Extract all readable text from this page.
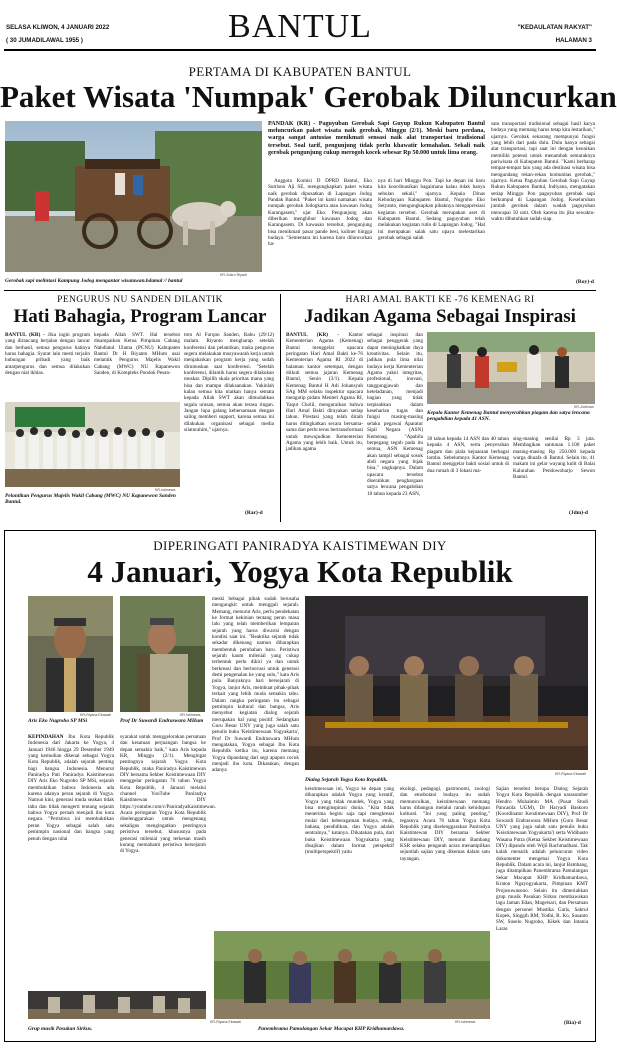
SELASA KLIWON, 4 JANUARI 2022
( 30 JUMADILAWAL 1955 )	BANTUL	"KEDAULATAN RAKYAT"
HALAMAN 3
PERTAMA DI KABUPATEN BANTUL
Paket Wisata 'Numpak' Gerobak Diluncurkan
KR-Sukro Riyadi
Gerobak sapi melintasi Kampung Jodog mengantar wisatawan.bdamal // bantul

PANDAK (KR) - Paguyuban Gerobak Sapi Guyup Rukun Kabupaten Bantul meluncurkan paket wisata naik gerobak, Minggu (2/1). Meski baru perdana, warga sangat antusias menikmati sensasi naik alat transportasi tradisional tersebut. Soal tarif, pengunjung tidak perlu khawatir kemahalan. Sekali naik gerobak pengunjung cukup merogoh kocek sebesar Rp 50.000 untuk lima orang.

Anggota Komisi D DPRD Bantul, Eko Sutrisno Aji SE, mengungkapkan paket wisata naik gerobak dipusatkan di Lapangan Jodog Pandak Bantul. "Paket ini kami namakan wisata numpak gerobak Jodogkarta atau kawasan Jodog Karangasem," ujar Eko. Pengunjung akan diberikan menghibur kawasan Jodog dan Karangasem. Di kawasan tersebut, pengunjung bisa menikmati pasar pande besi, kuliner hingga budaya. "Sementara ini karena baru diluncurkan ha-

nya di hari Minggu Pon. Tapi ke depan ini baru kita koordinasikan bagaimana kalau tidak hanya sebulan sekali," ujarnya. Kepala Dinas Kebudayaan Kabupaten Bantul, Nugroho Eko Setyanto, mengungkapkan pihaknya mengapresiasi kegiatan tersebut. Gerobak merupakan aset di Kabupaten Bantul. Sedang paguyuban telah melakukan kegiatan rutin di Lapangan Jodog. "Hal ini merupakan salah satu upaya melestarikan gerobak sebagai salah

satu transportasi tradisional sebagai hasil karya budaya yang memang harus tetap kita lestarikan," ujarnya. Gerobak sekarang mempunyai fungsi yang lebih dari pada dulu. Dulu hanya sebagai alat transportasi, tapi saat ini dengan keunikan memiliki potensi untuk menambah semaraknya pariwisata di Kabupaten Bantul. "Kami berharap tempat-tempat lain yang ada destinasi wisata bisa mengundang rekan-rekan komunitas gerobak," ujarnya. Ketua Paguyuban Gerobak Sapi Guyup Rukun Kabupaten Bantul, Indiyana, mengatakan setiap Minggu Pon paguyuban gerobak sapi berkumpul di Lapangan Jodog. Keseluruhan jumlah gerobak dalam wadah paguyuban mencapai 50 unit. Oleh karena itu jika sewaktu-waktu dibutuhkan sudah siap.

(Roy)-d
PENGURUS NU SANDEN DILANTIK
Hati Bahagia, Program Lancar

BANTUL (KR) - Jika ingin program yang dirancang berjalan dengan lancar dan berhasil, semua pengurus hatinya harus bahagia. Syarat lain mesti terjalin hubungan pribadi yang baik antarpengurus dan semua dilakukan dengan niat ikhlas.

kepada Allah SWT. Hal tersebut disampaikan Ketua Pimpinan Cabang Nahdlatul Ulama (PCNU) Kabupaten Bantul Dr H Riyanto MHum usai melantik Pengurus Majelis Wakil Cabang (MWC) NU Kapanewon Sanden, di Kompleks Pondok Pesan-

tren Al Furqon Sanden, Rabu (29/12) malam. Riyanto mengharap setelah konferensi dan pelantikan, maka pengurus segera melakukan musyawarah kerja untuk menjabarkan program kerja yang sudah dirumuskan saat konferensi. "Setelah konferensi, dilantik harus segera dilakukan muskar. Dipilih skala prioritas mana yang bisa dan mampu dilaksanakan. Yakinlah kalau semua kita niatkan hanya semata kepada Allah SWT akan dimudahkan segala urusan, semua akan terasa ringan. Jangan lupa galang kebersamaan dengan saling memberi support, karena semua ini dilakukan organisasi sebagai media silaturahim," ujarnya.

(Rar)-d
KR-Istimewa
Pelantikan Pengurus Majelis Wakil Cabang (MWC) NU Kapanewon Sanden Bantul.
HARI AMAL BAKTI KE -76 KEMENAG RI
Jadikan Agama Sebagai Inspirasi

BANTUL (KR) - Kantor Kementerian Agama (Kemenag) Bantul menggelar upacara peringatan Hari Amal Bakti ke-76 Kementerian Agama RI 2022 di halaman kantor setempat, dengan diikuti semua jajaran Kemenag Bantul, Senin (3/1). Kepala Kemenag Bantul H Adi Johansyah SAg MM selaku inspektur upacara mengutip pidato Menteri Agama RI, Yaqut Cholil, menguraikan bahwa Hari Amal Bakti dirayakan setiap tahun. Prestasi yang telah diraih harus ditingkatkan secara bersama-sama dan perlu terus bertransformasi untuk mewujudkan Kementerian Agama yang lebih baik. Untuk itu, jadikan agama

sebagai inspirasi dan sebagai penggerak yang dapat meningkatkan daya kreativitas. Selain itu, jadikan pula lima nilai budaya kerja Kementerian Agama yakni integritas, profesional, inovasi, tanggungjawab dan keteladanan, menjadi bagian yang tidak terpisahkan dalam keseharian tugas dan fungsi masing-masing selaku pegawai Aparatur Sipil Negara (ASN) Kemenag. "Apabila berpegang teguh pada itu semua, ASN Kemenag akan tampil sebagai sosok abdi negara yang bijak bisa," ungkapnya. Dalam upacara tersebut diserahkan penghargaan satya lencana pengabdian 10 tahun kepada 23 ASN,

KR-Judiman
Kepala Kantor Kemenag Bantul menyerahkan piagam dan satya lencana pengabdian kepada 41 ASN.

30 tahun kepada 14 ASN dan 40 tahun kepada 4 ASN, serta penyerahan piagam dan piala kejuaraan berbagai lomba. Sebelumnya Kantor Kemenag Bantul menggelar bakti sosial untuk di dua rumah di 3 lokasi ma-

sing-masing senilai Rp 3 juta. Membagikan santunan 1.100 paket masing-masing Rp 250.000 kepada warga dhuafa di Bantul. Selain itu, 41 makam ini gelar wayang kulit di Balai Kalurahan Pendowoharjo Sewon Bantul.

(Jdm)-d
DIPERINGATI PANIRADYA KAISTIMEWAN DIY
4 Januari, Yogya Kota Republik
KR-Riyana Ekawati
Aris Eko Nugroho SP MSi
KR-Istimewa
Prof Dr Suwardi Endraswara MHum

KEPINDAHAN Ibu Kota Republik Indonesia dari Jakarta ke Yogya, 4 Januari 1946 hingga 29 Desember 1949 yang kemudian dikenal sebagai Yogya Kota Republik, adalah sejarah penting bagi bangsa Indonesia. Menurut Paniradya Pati Paniradya Kaistimewan DIY Aris Eko Nugroho SP MSi, sejarah membuktikan bahwa Indonesia ada karena adanya peran sejarah di Yogya. Namun kini, generasi muda seakan tidak tahu dan tidak mengerti tentang sejarah bahwa Yogya pernah menjadi ibu kota negara. "Peristiwa ini membuktikan peran Yogya sebagai salah satu pemimpin nasional dan bangsa yang penuh dengan nilai

syarakat untuk menggelorakan persatuan dan kesatuan perjuangan bangsa ke depan semakin baik," kata Aris kepada KR, Minggu (2/1). Mengingat pentingnya sejarah Yogya Kota Republik, maka Paniradya Kaistimewan DIY bersama Sekber Keistimewaan DIY menggelar peringatan 76 tahun Yogya Kota Republik, 4 Januari melalui channel YouTube Paniradya Kaistimewan DIY https://youtube.com/c/PaniradyaKaistimewan. Acara peringatan Yogya Kota Republik diselenggarakan untuk mengenang sekaligus mengingatkan pentingnya peristiwa tersebut, khususnya pada generasi milenial yang terkesan masih kurang memahami peristiwa bersejarah di Yogya.

meski bebagai pihak sudah berusaha mengungkit untuk menggali sejarah. Memang, menurut Aris, perlu pendekatan ke format kekinian tentang peran masa lalu yang telah memberikan lemparan sejarah yang harus diwarisi dengan kondisi saat ini. "Reaktika sejarah tidak sekadar dikenang namun diharapkan membentuk perubahan baru. Peristiwa sejarah kaum milenial yang cukup terbentuk perlu dikiri ya dan untuk berkreasi dan berinovasi untuk generasi demi pengenalan ke yang solo," kata Aris pula. Banyaknya hari bersejarah di Yogya, lanjut Aris, membuat pihak-pihak terkait yang lebih muda semakin tahu. Dalam rangka peringatan itu sebagai pemimpin kultural dan bangsa, Aris menyebut kegiatan dialog sejarah merupakan hal yang positif. Sedangkan Guru Besar UNY yang juga salah satu penulis buku 'Keistimewaan Yogyakarta', Prof Dr Suwardi Endraswara MHum mengatakan, Yogya sebagai Ibu Kota Republik ketika itu, karena memang Yogya dipandang dari segi apapun cocok menjadi ibu kota. Dikatakan, dengan adanya

KR-Riyana Ekawati
Dialog Sejarah Yogya Kota Republik.

keistimewaan ini, Yogya ke depan yang diharapkan adalah Yogya yang kreatif, Yogya yang tidak mundek, Yogya yang bisa menginspirasi dunia. "Kita tidak menerima begitu saja tapi mengkreasi mulai dari keberagaman budaya, etnik, bahasa, pendidikan, dan Yogya adalah sentralnya," katanya. Dikatakan pula, dari buku Keistimewaan Yogyakarta yang disajikan dalam format perspektif (multiperspektif) yaitu

ekologi, pedagogi, gastronomi, zoologi dan etnobotani budaya itu sudah memunculkan, keistimewaan memang harus dibangun melalui ranah kehidupan kultural. "Ini yang paling penting," tegasnya. Acara 76 tahun Yogya Kota Republik yang diselenggarakan Paniradya Kaistimewan DIY bersama Sekber Keistimewaan DIY, menurut Bambang KSR selaku pengarah acara menampilkan sejumlah sajian yang dikemas dalam satu tayangan.

Sajian tersebut berupa Dialog Sejarah Yogya Kota Republik dengan narasumber Hendro Muhaimin MA (Pusat Studi Pancasila UGM), Dr Haryadi Baskoro (Koordinator Keistimewaan DIY), Prof Dr Suwardi Endraswara MHum (Guru Besar UNY yang juga salah satu penulis buku 'Keistimewaan Yogyakarta') serta Widihasto Wasana Putra (Ketua Sekber Keistimewaan DIY) dipandu oleh Wijil Rachmadhani. Tak kalah menarik adalah peluncuran video dokumenter mengenai Yogya Kota Republik. Dalam acara ini, lanjut Bambang, juga ditampilkan Panembrama Pamulangan Sekar Macapat KHP Kridhamardawa, Kraton Ngayogyakarta, Pimpinan KMT Projosuwasono. Selain itu dimeriahkan grup musik Pasukan Sirkus membawakan lagu Jaman Edan, Magersari, dan Persatuan dengan personel Mustika Garis, Sahrul Kopek, Singgih RM, Yodhi, R. Ko, Susanto SW, Suselo Nugroho, Kikek dan Intania Laras

(Ria)-d
KR-Riyana Ekawati
Grup musik Pasukan Sirkus.
KR-Istimewa
Panembrama Pamulangan Sekar Macapat KHP Kridhamardawa.
